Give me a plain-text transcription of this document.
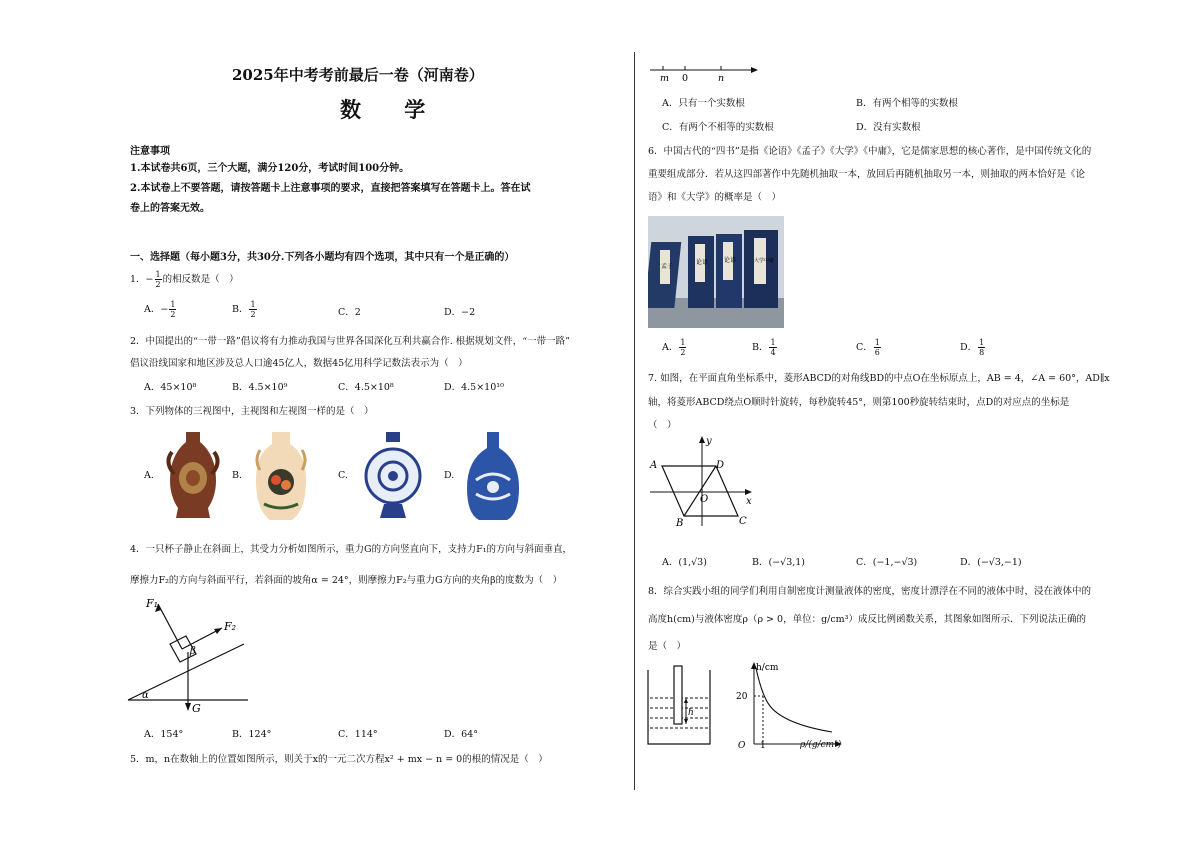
2025年中考考前最后一卷（河南卷）
数 学
注意事项
1.本试卷共6页，三个大题，满分120分，考试时间100分钟。
2.本试卷上不要答题，请按答题卡上注意事项的要求，直接把答案填写在答题卡上。答在试
卷上的答案无效。
一、选择题（每小题3分，共30分.下列各小题均有四个选项，其中只有一个是正确的）
1．− $\frac{1}{2}$ 的相反数是（　）
A．− $\frac{1}{2}$	B． $\frac{1}{2}$	C．2	D．−2
2．中国提出的“一带一路”倡议将有力推动我国与世界各国深化互利共赢合作. 根据规划文件，“一带一路”
倡议沿线国家和地区涉及总人口逾45亿人，数据45亿用科学记数法表示为（　）
A．45×10⁸	B．4.5×10⁹	C．4.5×10⁸	D．4.5×10¹⁰
3．下列物体的三视图中，主视图和左视图一样的是（　）
A.	B.	C.	D.
4．一只杯子静止在斜面上，其受力分析如图所示，重力G的方向竖直向下，支持力F₁的方向与斜面垂直，
摩擦力F₂的方向与斜面平行，若斜面的坡角α = 24°，则摩擦力F₂与重力G方向的夹角β的度数为（　）
F₁
F₂
β
α
G
A．154°	B．124°	C．114°	D．64°
5．m，n在数轴上的位置如图所示，则关于x的一元二次方程x² + mx − n = 0的根的情况是（　）
m 0	n
A．只有一个实数根	B．有两个相等的实数根
C．有两个不相等的实数根	D．没有实数根
6．中国古代的“四书”是指《论语》《孟子》《大学》《中庸》，它是儒家思想的核心著作，是中国传统文化的
重要组成部分．若从这四部著作中先随机抽取一本，放回后再随机抽取另一本，则抽取的两本恰好是《论
语》和《大学》的概率是（　）
孟子
论语	论语	大学中庸
A． $\frac{1}{2}$	B． $\frac{1}{4}$	C． $\frac{1}{6}$	D． $\frac{1}{8}$
7. 如图，在平面直角坐标系中，菱形ABCD的对角线BD的中点O在坐标原点上，AB = 4，∠A = 60°，AD∥x
轴，将菱形ABCD绕点O顺时针旋转，每秒旋转45°，则第100秒旋转结束时，点D的对应点的坐标是
（　）
y
x
A	D
B	C
O
A．(1,√3)	B．(−√3,1)	C．(−1,−√3)	D．(−√3,−1)
8．综合实践小组的同学们利用自制密度计测量液体的密度，密度计漂浮在不同的液体中时，浸在液体中的
高度h(cm)与液体密度ρ（ρ > 0，单位：g/cm³）成反比例函数关系，其图象如图所示．下列说法正确的
是（　）
h
h/cm
20
O 1	ρ/(g/cm³)
